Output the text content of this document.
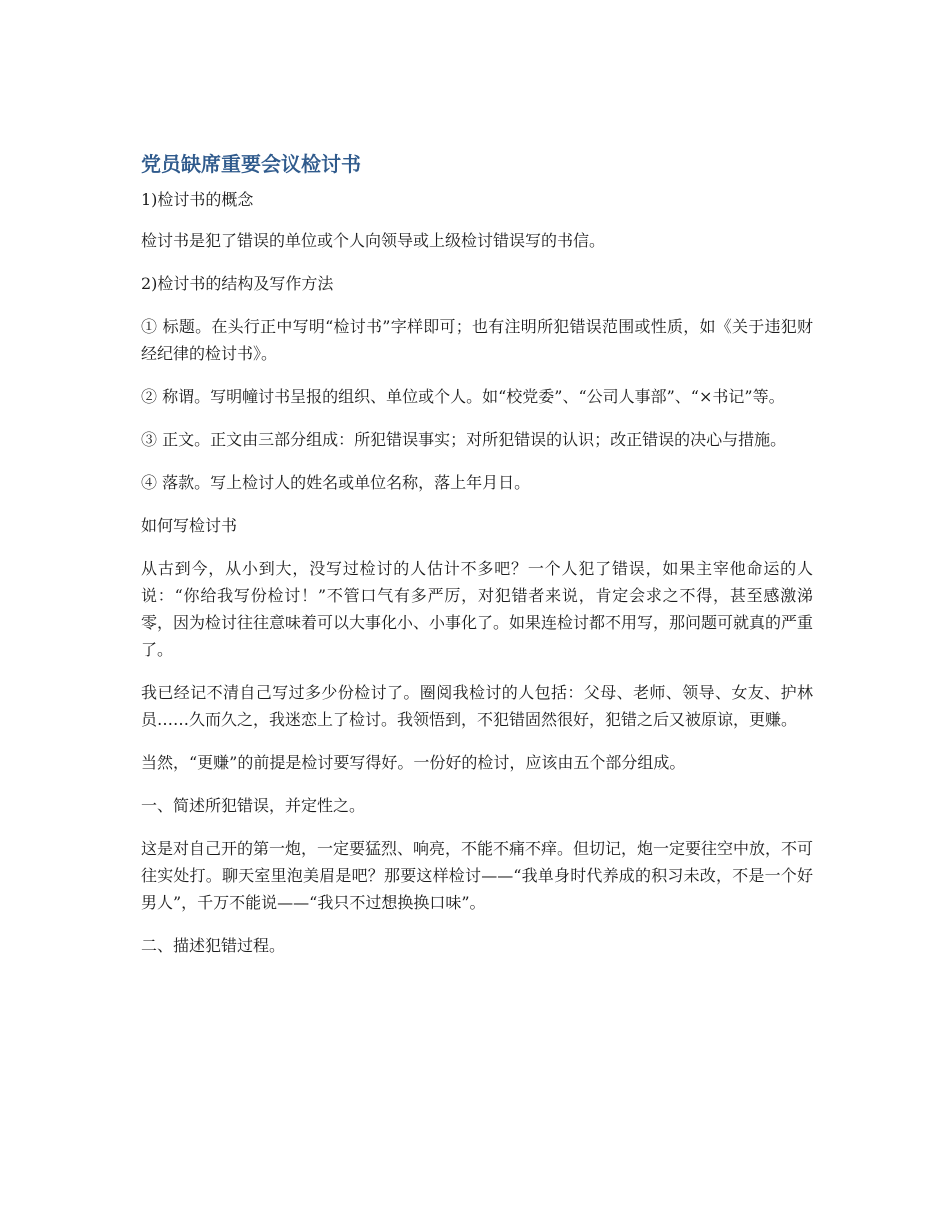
党员缺席重要会议检讨书

1)检讨书的概念

检讨书是犯了错误的单位或个人向领导或上级检讨错误写的书信。

2)检讨书的结构及写作方法

① 标题。在头行正中写明“检讨书”字样即可；也有注明所犯错误范围或性质，如《关于违犯财经纪律的检讨书》。

② 称谓。写明幢讨书呈报的组织、单位或个人。如“校党委”、“公司人事部”、“×书记”等。

③ 正文。正文由三部分组成：所犯错误事实；对所犯错误的认识；改正错误的决心与措施。

④ 落款。写上检讨人的姓名或单位名称，落上年月日。

如何写检讨书

从古到今，从小到大，没写过检讨的人估计不多吧？一个人犯了错误，如果主宰他命运的人说：“你给我写份检讨！”不管口气有多严厉，对犯错者来说，肯定会求之不得，甚至感激涕零，因为检讨往往意味着可以大事化小、小事化了。如果连检讨都不用写，那问题可就真的严重了。

我已经记不清自己写过多少份检讨了。圈阅我检讨的人包括：父母、老师、领导、女友、护林员……久而久之，我迷恋上了检讨。我领悟到，不犯错固然很好，犯错之后又被原谅，更赚。

当然，“更赚”的前提是检讨要写得好。一份好的检讨，应该由五个部分组成。

一、简述所犯错误，并定性之。

这是对自己开的第一炮，一定要猛烈、响亮，不能不痛不痒。但切记，炮一定要往空中放，不可往实处打。聊天室里泡美眉是吧？那要这样检讨——“我单身时代养成的积习未改，不是一个好男人”，千万不能说——“我只不过想换换口味”。

二、描述犯错过程。
